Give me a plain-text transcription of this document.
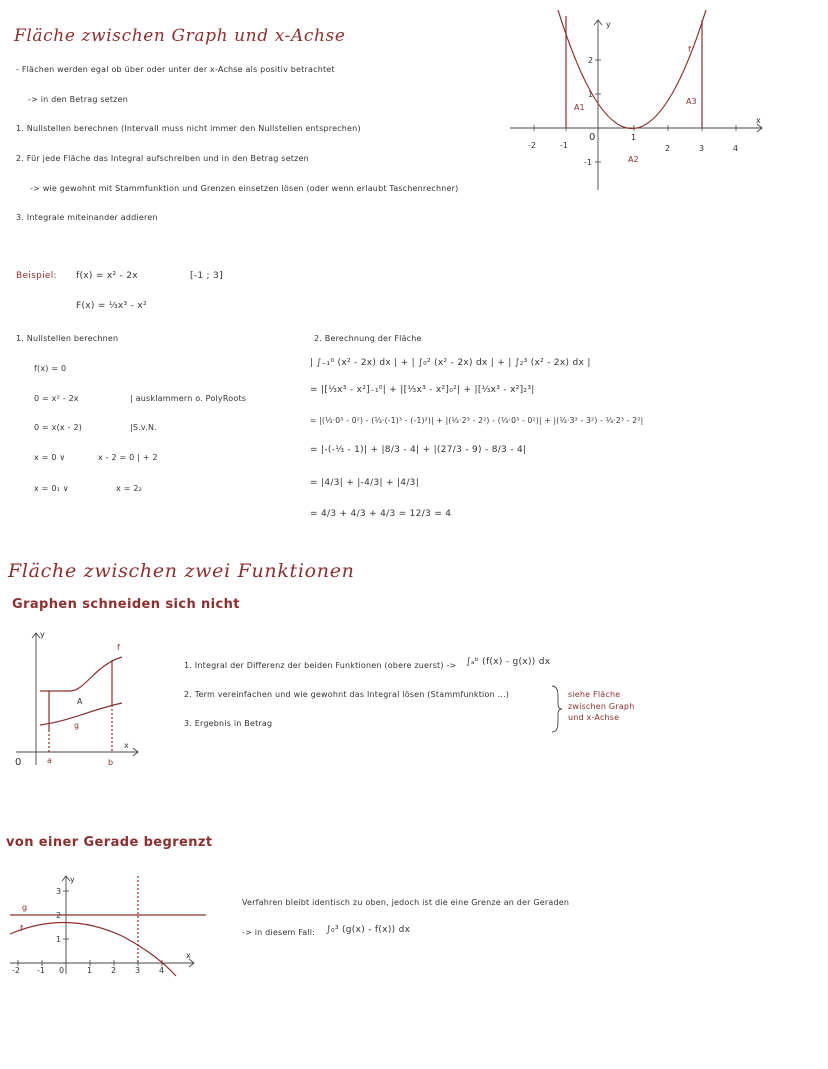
Fläche zwischen Graph und x-Achse
- Flächen werden egal ob über oder unter der x-Achse als positiv betrachtet
-> in den Betrag setzen
1. Nullstellen berechnen (Intervall muss nicht immer den Nullstellen entsprechen)
2. Für jede Fläche das Integral aufschreiben und in den Betrag setzen
-> wie gewohnt mit Stammfunktion und Grenzen einsetzen lösen (oder wenn erlaubt Taschenrechner)
3. Integrale miteinander addieren
y
x
-2	-1
1
2	3	4
2
1
-1
0
A1
A2
A3
f
Beispiel: f(x) = x² - 2x	[-1 ; 3]
F(x) = ⅓x³ - x²
1. Nullstellen berechnen
f(x) = 0
0 = x² - 2x
0 = x(x - 2)
x = 0 ∨
x = 0₁ ∨
| ausklammern o. PolyRoots
|S.v.N.
x - 2 = 0 | + 2
x = 2₂
2. Berechnung der Fläche
| ∫₋₁⁰ (x² - 2x) dx | + | ∫₀² (x² - 2x) dx | + | ∫₂³ (x² - 2x) dx |
= |[⅓x³ - x²]₋₁⁰| + |[⅓x³ - x²]₀²| + |[⅓x³ - x²]₂³|
= |(⅓·0³ - 0²) - (⅓·(-1)³ - (-1)²)| + |(⅓·2³ - 2²) - (⅓·0³ - 0²)| + |(⅓·3³ - 3²) - ⅓·2³ - 2²|
= |-(-⅓ - 1)| + |8/3 - 4| + |(27/3 - 9) - 8/3 - 4|
= |4/3| + |-4/3| + |4/3|
= 4/3 + 4/3 + 4/3 = 12/3 = 4
Fläche zwischen zwei Funktionen
Graphen schneiden sich nicht
y
x
0	a	b
f
g
A
1. Integral der Differenz der beiden Funktionen (obere zuerst) -> ∫ₐᵇ (f(x) - g(x)) dx
2. Term vereinfachen und wie gewohnt das Integral lösen (Stammfunktion ...)
3. Ergebnis in Betrag
siehe Fläche
zwischen Graph
und x-Achse
von einer Gerade begrenzt
y
x
-2 -1 0	1 2 3 4
3
2
1
g
f
Verfahren bleibt identisch zu oben, jedoch ist die eine Grenze an der Geraden
-> in diesem Fall: ∫₀³ (g(x) - f(x)) dx
